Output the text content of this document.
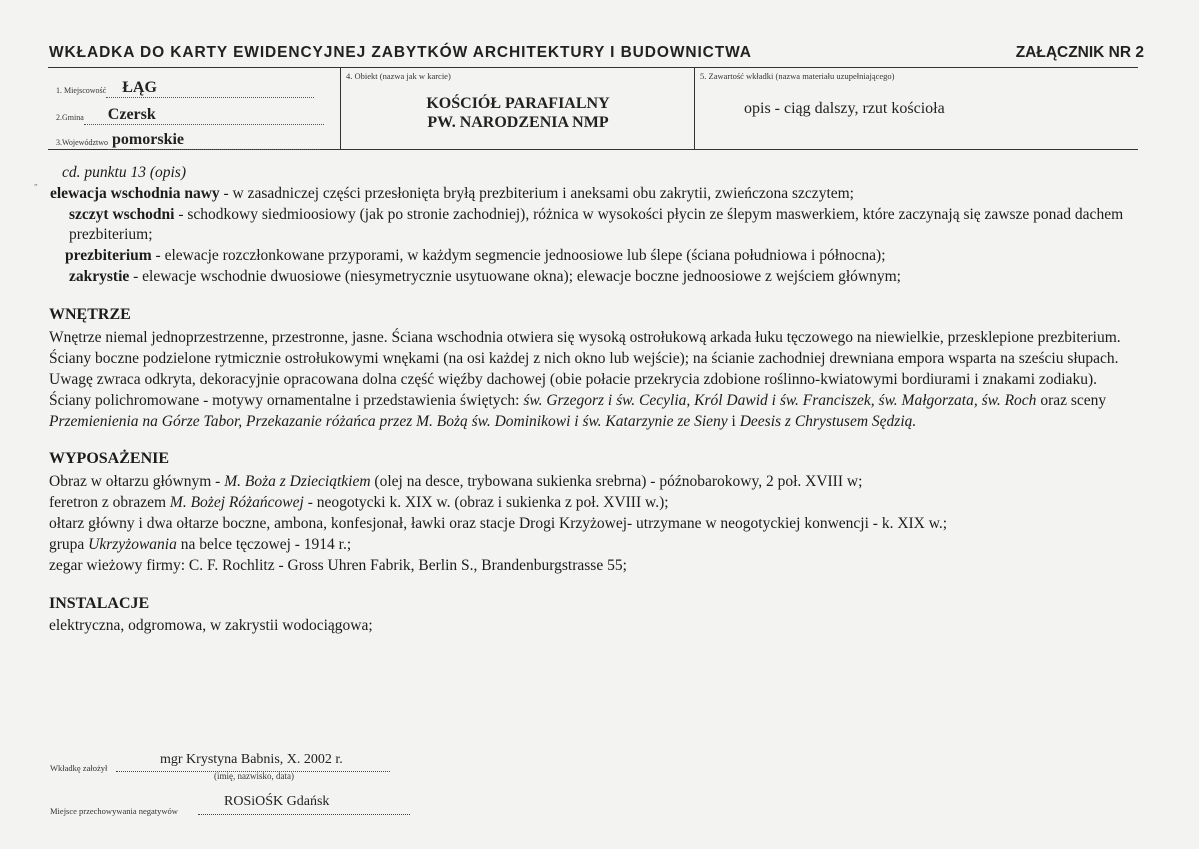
WKŁADKA DO KARTY EWIDENCYJNEJ ZABYTKÓW ARCHITEKTURY I BUDOWNICTWA	ZAŁĄCZNIK NR 2
1. Miejscowość ŁĄG
2.Gmina Czersk
3.Województwo pomorskie
4. Obiekt (nazwa jak w karcie)
KOŚCIÓŁ PARAFIALNY
PW. NARODZENIA NMP
5. Zawartość wkładki (nazwa materiału uzupełniającego)
opis - ciąg dalszy, rzut kościoła
„
cd. punktu 13 (opis)
elewacja wschodnia nawy - w zasadniczej części przesłonięta bryłą prezbiterium i aneksami obu zakrytii, zwieńczona szczytem;
szczyt wschodni - schodkowy siedmioosiowy (jak po stronie zachodniej), różnica w wysokości płycin ze ślepym maswerkiem, które zaczynają się zawsze ponad dachem
prezbiterium;
prezbiterium - elewacje rozczłonkowane przyporami, w każdym segmencie jednoosiowe lub ślepe (ściana południowa i północna);
zakrystie - elewacje wschodnie dwuosiowe (niesymetrycznie usytuowane okna); elewacje boczne jednoosiowe z wejściem głównym;
WNĘTRZE
Wnętrze niemal jednoprzestrzenne, przestronne, jasne. Ściana wschodnia otwiera się wysoką ostrołukową arkada łuku tęczowego na niewielkie, przesklepione prezbiterium.
Ściany boczne podzielone rytmicznie ostrołukowymi wnękami (na osi każdej z nich okno lub wejście); na ścianie zachodniej drewniana empora wsparta na sześciu słupach.
Uwagę zwraca odkryta, dekoracyjnie opracowana dolna część więźby dachowej (obie połacie przekrycia zdobione roślinno-kwiatowymi bordiurami i znakami zodiaku).
Ściany polichromowane - motywy ornamentalne i przedstawienia świętych: św. Grzegorz i św. Cecylia, Król Dawid i św. Franciszek, św. Małgorzata, św. Roch oraz sceny
Przemienienia na Górze Tabor, Przekazanie różańca przez M. Bożą św. Dominikowi i św. Katarzynie ze Sieny i Deesis z Chrystusem Sędzią.
WYPOSAŻENIE
Obraz w ołtarzu głównym - M. Boża z Dzieciątkiem (olej na desce, trybowana sukienka srebrna) - późnobarokowy, 2 poł. XVIII w;
feretron z obrazem M. Bożej Różańcowej - neogotycki k. XIX w. (obraz i sukienka z poł. XVIII w.);
ołtarz główny i dwa ołtarze boczne, ambona, konfesjonał, ławki oraz stacje Drogi Krzyżowej- utrzymane w neogotyckiej konwencji - k. XIX w.;
grupa Ukrzyżowania na belce tęczowej - 1914 r.;
zegar wieżowy firmy: C. F. Rochlitz - Gross Uhren Fabrik, Berlin S., Brandenburgstrasse 55;
INSTALACJE
elektryczna, odgromowa, w zakrystii wodociągowa;
Wkładkę założył
mgr Krystyna Babnis, X. 2002 r.
(imię, nazwisko, data)
Miejsce przechowywania negatywów
ROSiOŚK Gdańsk
